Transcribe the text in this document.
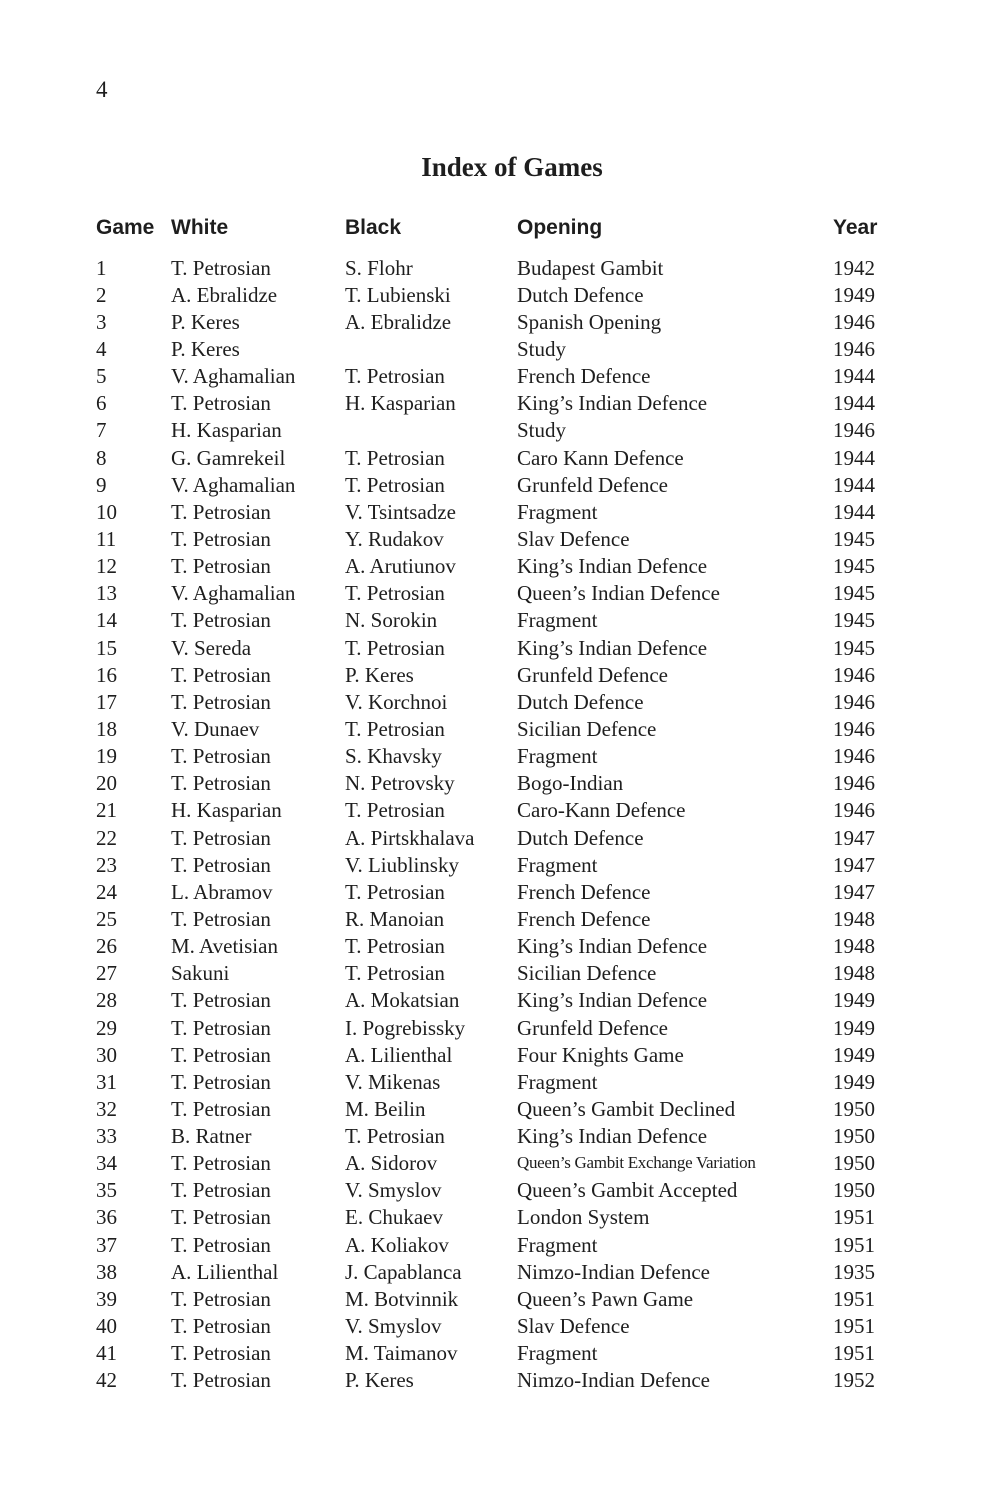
4
Index of Games
Game	White	Black	Opening	Year

1	T. Petrosian	S. Flohr	Budapest Gambit	1942
2	A. Ebralidze	T. Lubienski	Dutch Defence	1949
3	P. Keres	A. Ebralidze	Spanish Opening	1946
4	P. Keres		Study	1946
5	V. Aghamalian	T. Petrosian	French Defence	1944
6	T. Petrosian	H. Kasparian	King’s Indian Defence	1944
7	H. Kasparian		Study	1946
8	G. Gamrekeil	T. Petrosian	Caro Kann Defence	1944
9	V. Aghamalian	T. Petrosian	Grunfeld Defence	1944
10	T. Petrosian	V. Tsintsadze	Fragment	1944
11	T. Petrosian	Y. Rudakov	Slav Defence	1945
12	T. Petrosian	A. Arutiunov	King’s Indian Defence	1945
13	V. Aghamalian	T. Petrosian	Queen’s Indian Defence	1945
14	T. Petrosian	N. Sorokin	Fragment	1945
15	V. Sereda	T. Petrosian	King’s Indian Defence	1945
16	T. Petrosian	P. Keres	Grunfeld Defence	1946
17	T. Petrosian	V. Korchnoi	Dutch Defence	1946
18	V. Dunaev	T. Petrosian	Sicilian Defence	1946
19	T. Petrosian	S. Khavsky	Fragment	1946
20	T. Petrosian	N. Petrovsky	Bogo-Indian	1946
21	H. Kasparian	T. Petrosian	Caro-Kann Defence	1946
22	T. Petrosian	A. Pirtskhalava	Dutch Defence	1947
23	T. Petrosian	V. Liublinsky	Fragment	1947
24	L. Abramov	T. Petrosian	French Defence	1947
25	T. Petrosian	R. Manoian	French Defence	1948
26	M. Avetisian	T. Petrosian	King’s Indian Defence	1948
27	Sakuni	T. Petrosian	Sicilian Defence	1948
28	T. Petrosian	A. Mokatsian	King’s Indian Defence	1949
29	T. Petrosian	I. Pogrebissky	Grunfeld Defence	1949
30	T. Petrosian	A. Lilienthal	Four Knights Game	1949
31	T. Petrosian	V. Mikenas	Fragment	1949
32	T. Petrosian	M. Beilin	Queen’s Gambit Declined	1950
33	B. Ratner	T. Petrosian	King’s Indian Defence	1950
34	T. Petrosian	A. Sidorov	Queen’s Gambit Exchange Variation	1950
35	T. Petrosian	V. Smyslov	Queen’s Gambit Accepted	1950
36	T. Petrosian	E. Chukaev	London System	1951
37	T. Petrosian	A. Koliakov	Fragment	1951
38	A. Lilienthal	J. Capablanca	Nimzo-Indian Defence	1935
39	T. Petrosian	M. Botvinnik	Queen’s Pawn Game	1951
40	T. Petrosian	V. Smyslov	Slav Defence	1951
41	T. Petrosian	M. Taimanov	Fragment	1951
42	T. Petrosian	P. Keres	Nimzo-Indian Defence	1952
